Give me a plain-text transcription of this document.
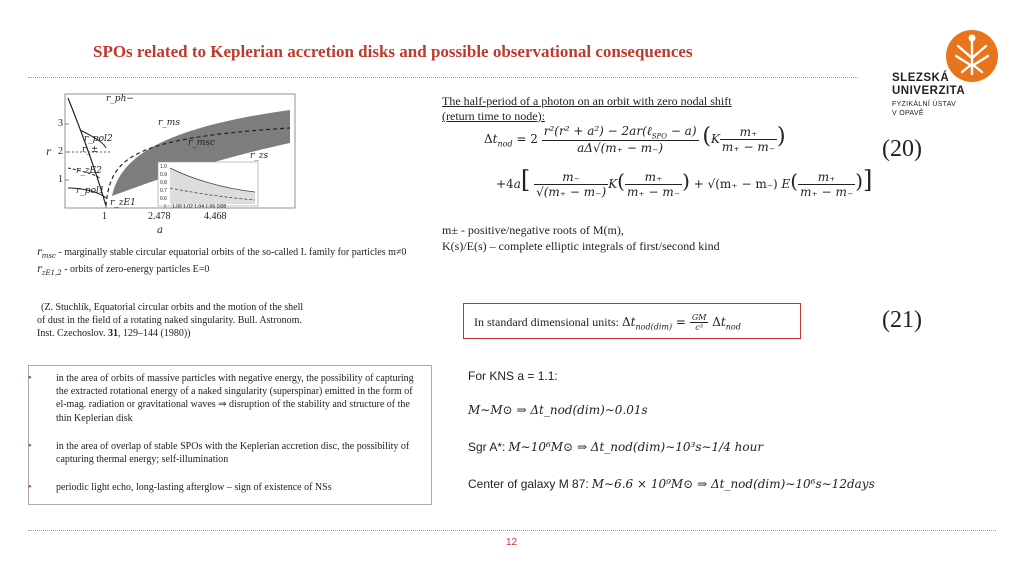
SPOs related to Keplerian accretion disks and possible observational consequences
SLEZSKÁ
UNIVERZITA
FYZIKÁLNÍ ÚSTAV
V OPAVĚ
3
2
1
r
1	2.478	4.468
a
r_ph−
r_ms
r_pol2	r_msc
r_±
r_zs
r_zE2
r_pol1
r_zE1
1.0
0.9
0.8
0.7
0.6
1.00 1.02 1.04 1.06 1.08
$r_{msc}$ - marginally stable circular equatorial orbits of the so-called I. family for particles m≠0
$r_{zE1,2}$ - orbits of zero-energy particles E=0
(Z. Stuchlík, Equatorial circular orbits and the motion of the shell
of dust in the field of a rotating naked singularity. Bull. Astronom.
Inst. Czechoslov. 31, 129–144 (1980))
• in the area of orbits of massive particles with negative energy, the possibility of capturing the extracted rotational energy of a naked singularity (superspinar) emitted in the form of el-mag. radiation or gravitational waves ⇒ disruption of the stability and structure of the thin Keplerian disk
• in the area of overlap of stable SPOs with the Keplerian accretion disc, the possibility of capturing thermal energy; self-illumination
• periodic light echo, long-lasting afterglow – sign of existence of NSs
The half-period of a photon on an orbit with zero nodal shift
(return time to node):
$\Delta t_{nod} = 2 \frac{r^2(r^2 + a^2) - 2ar(\ell_{SPO} - a)}{a\Delta√(m_+ - m_-)} (K \frac{m_+}{m_+ - m_-}$ )
$+4a[ \frac{m_-}{√(m_+ - m_-)} K( \frac{m_+}{m_+ - m_-}$ ) + √(m₊ − m₋) $E( \frac{m_+}{m_+ - m_-}$ )]
(20)
m± - positive/negative roots of M(m),
K(s)/E(s) – complete elliptic integrals of first/second kind
In standard dimensional units: $\Delta t_{nod(dim)} = \frac{GM}{\text{c³}} \Delta t_{nod}$	(21)
For KNS a = 1.1:
M∼M⊙ ⇒ Δt_nod(dim)∼0.01s
Sgr A*: M∼10⁶M⊙ ⇒ Δt_nod(dim)∼10³s∼1/4 hour
Center of galaxy M 87: M∼6.6 × 10⁹M⊙ ⇒ Δt_nod(dim)∼10⁶s∼12days
12
